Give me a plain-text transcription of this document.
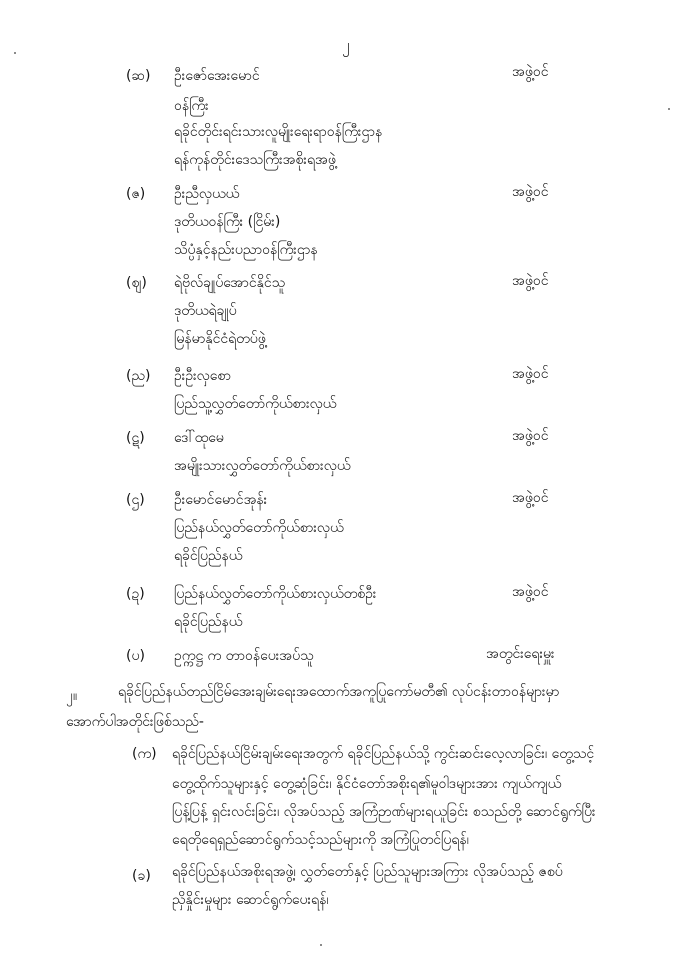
၂
(ဆ) ဦးဇော်အေးမောင်	အဖွဲ့ဝင်
ဝန်ကြီး
ရခိုင်တိုင်းရင်းသားလူမျိုးရေးရာဝန်ကြီးဌာန
ရန်ကုန်တိုင်းဒေသကြီးအစိုးရအဖွဲ့
(ဇ) ဦးညီလှယယ်	အဖွဲ့ဝင်
ဒုတိယဝန်ကြီး (ငြိမ်း)
သိပ္ပံနှင့်နည်းပညာဝန်ကြီးဌာန
(ဈ) ရဲဗိုလ်ချုပ်အောင်နိုင်သူ	အဖွဲ့ဝင်
ဒုတိယရဲချုပ်
မြန်မာနိုင်ငံရဲတပ်ဖွဲ့
(ည) ဦးဦးလှစော	အဖွဲ့ဝင်
ပြည်သူ့လွှတ်တော်ကိုယ်စားလှယ်
(ဋ) ဒေါ်ထုမေ	အဖွဲ့ဝင်
အမျိုးသားလွှတ်တော်ကိုယ်စားလှယ်
(ဌ) ဦးမောင်မောင်အုန်း	အဖွဲ့ဝင်
ပြည်နယ်လွှတ်တော်ကိုယ်စားလှယ်
ရခိုင်ပြည်နယ်
(ဍ) ပြည်နယ်လွှတ်တော်ကိုယ်စားလှယ်တစ်ဦး	အဖွဲ့ဝင်
ရခိုင်ပြည်နယ်
(ပ) ဥက္ကဋ္ဌ က တာဝန်ပေးအပ်သူ	အတွင်းရေးမှူး
၂။	ရခိုင်ပြည်နယ်တည်ငြိမ်အေးချမ်းရေးအထောက်အကူပြုကော်မတီ၏ လုပ်ငန်းတာဝန်များမှာ
အောက်ပါအတိုင်းဖြစ်သည်-
(က) ရခိုင်ပြည်နယ်ငြိမ်းချမ်းရေးအတွက် ရခိုင်ပြည်နယ်သို့ ကွင်းဆင်းလေ့လာခြင်း၊ တွေ့သင့်
တွေ့ထိုက်သူများနှင့် တွေ့ဆုံခြင်း၊ နိုင်ငံတော်အစိုးရ၏မူဝါဒများအား ကျယ်ကျယ်
ပြန့်ပြန့် ရှင်းလင်းခြင်း၊ လိုအပ်သည့် အကြံဉာဏ်များရယူခြင်း စသည်တို့ ဆောင်ရွက်ပြီး
ရေတိုရေရှည်ဆောင်ရွက်သင့်သည်များကို အကြံပြုတင်ပြရန်၊
(ခ) ရခိုင်ပြည်နယ်အစိုးရအဖွဲ့၊ လွှတ်တော်နှင့် ပြည်သူများအကြား လိုအပ်သည့် ဇစပ်
ညှိနှိုင်းမှုများ ဆောင်ရွက်ပေးရန်၊
